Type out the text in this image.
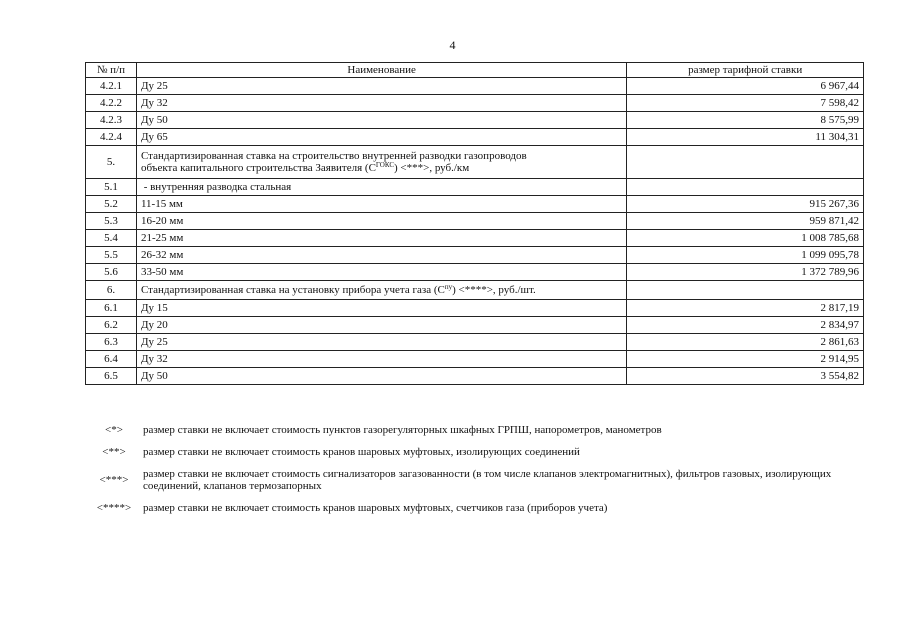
4
№ п/п	Наименование	размер тарифной ставки
4.2.1	Ду 25	6 967,44
4.2.2	Ду 32	7 598,42
4.2.3	Ду 50	8 575,99
4.2.4	Ду 65	11 304,31
5.	Стандартизированная ставка на строительство внутренней разводки газопроводов
объекта капитального строительства Заявителя $(С^{ГОКС})$ <***>, руб./км	
5.1	- внутренняя разводка стальная	
5.2	11-15 мм	915 267,36
5.3	16-20 мм	959 871,42
5.4	21-25 мм	1 008 785,68
5.5	26-32 мм	1 099 095,78
5.6	33-50 мм	1 372 789,96
6.	Стандартизированная ставка на установку прибора учета газа $(С^{пу})$ <****>, руб./шт.	
6.1	Ду 15	2 817,19
6.2	Ду 20	2 834,97
6.3	Ду 25	2 861,63
6.4	Ду 32	2 914,95
6.5	Ду 50	3 554,82
<*>	размер ставки не включает стоимость пунктов газорегуляторных шкафных ГРПШ, напорометров, манометров
<**>	размер ставки не включает стоимость кранов шаровых муфтовых, изолирующих соединений
<***>	размер ставки не включает стоимость сигнализаторов загазованности (в том числе клапанов электромагнитных), фильтров газовых, изолирующих соединений, клапанов термозапорных
<****>	размер ставки не включает стоимость кранов шаровых муфтовых, счетчиков газа (приборов учета)
